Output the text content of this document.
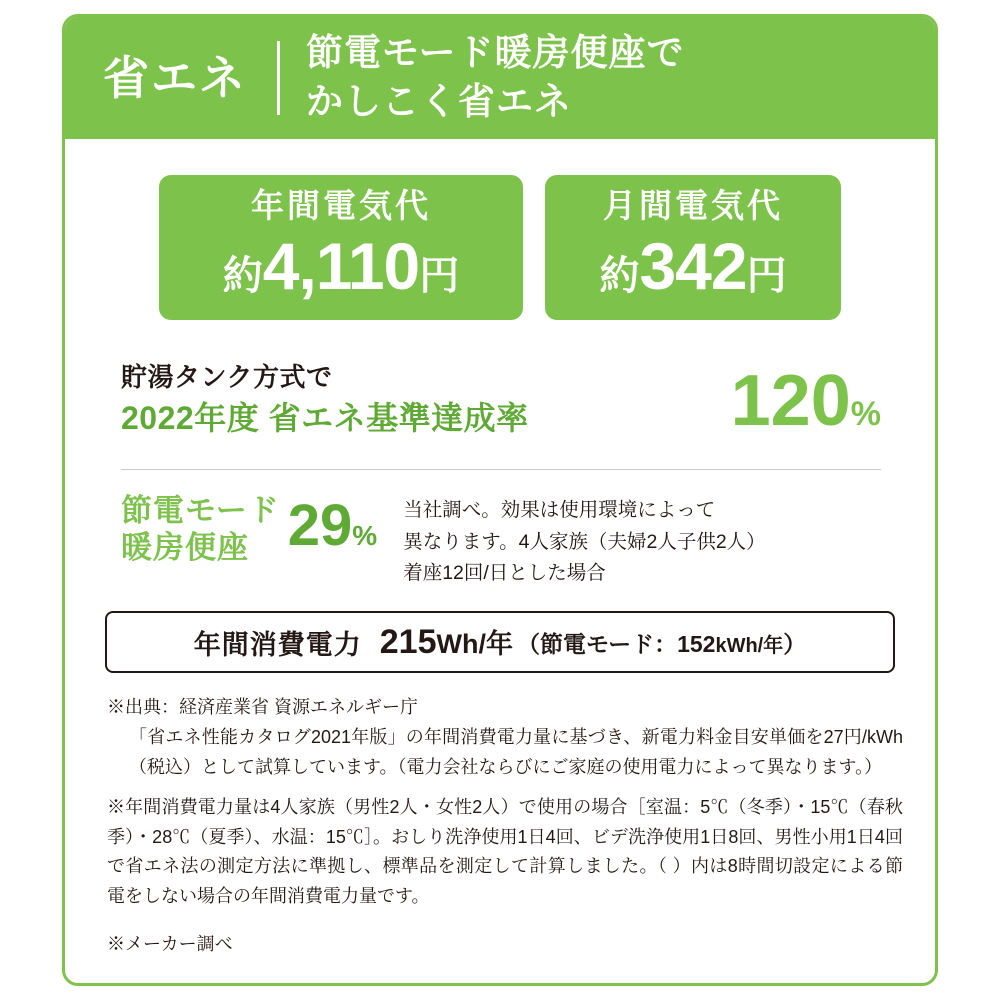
省エネ 節電モード暖房便座で
かしこく省エネ
年間電気代
約4,110円
月間電気代
約342円
貯湯タンク方式で
2022年度 省エネ基準達成率	120%
節電モード
暖房便座 29%
当社調べ。効果は使用環境によって
異なります。4人家族（夫婦2人子供2人）
着座12回/日とした場合
年間消費電力 215Wh/年 （節電モード：152kWh/年）
※出典：経済産業省 資源エネルギー庁
「省エネ性能カタログ2021年版」の年間消費電力量に基づき、新電力料金目安単価を27円/kWh（税込）として試算しています。（電力会社ならびにご家庭の使用電力によって異なります。）
※年間消費電力量は4人家族（男性2人・女性2人）で使用の場合［室温：5℃（冬季）・15℃（春秋季）・28℃（夏季）、水温：15℃］。おしり洗浄使用1日4回、ビデ洗浄使用1日8回、男性小用1日4回で省エネ法の測定方法に準拠し、標準品を測定して計算しました。（ ）内は8時間切設定による節電をしない場合の年間消費電力量です。
※メーカー調べ
